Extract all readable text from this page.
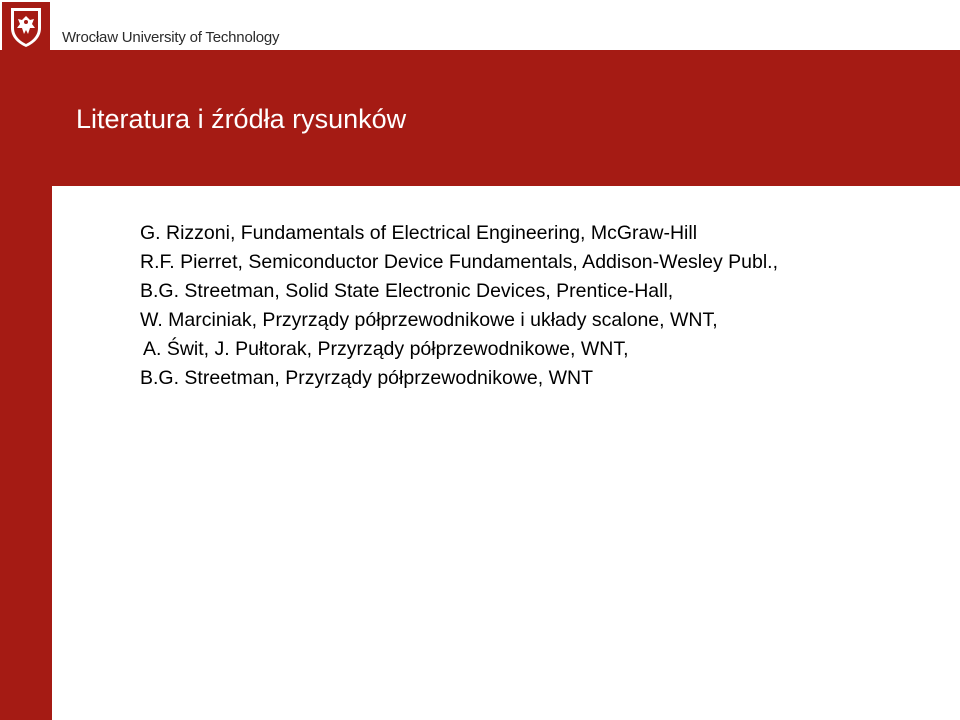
Wrocław University of Technology
Literatura i źródła rysunków
G. Rizzoni, Fundamentals of Electrical Engineering, McGraw-Hill
R.F. Pierret, Semiconductor Device Fundamentals, Addison-Wesley Publ.,
B.G. Streetman, Solid State Electronic Devices, Prentice-Hall,
W. Marciniak, Przyrządy półprzewodnikowe i układy scalone, WNT,
A. Świt, J. Pułtorak, Przyrządy półprzewodnikowe, WNT,
B.G. Streetman, Przyrządy półprzewodnikowe, WNT
